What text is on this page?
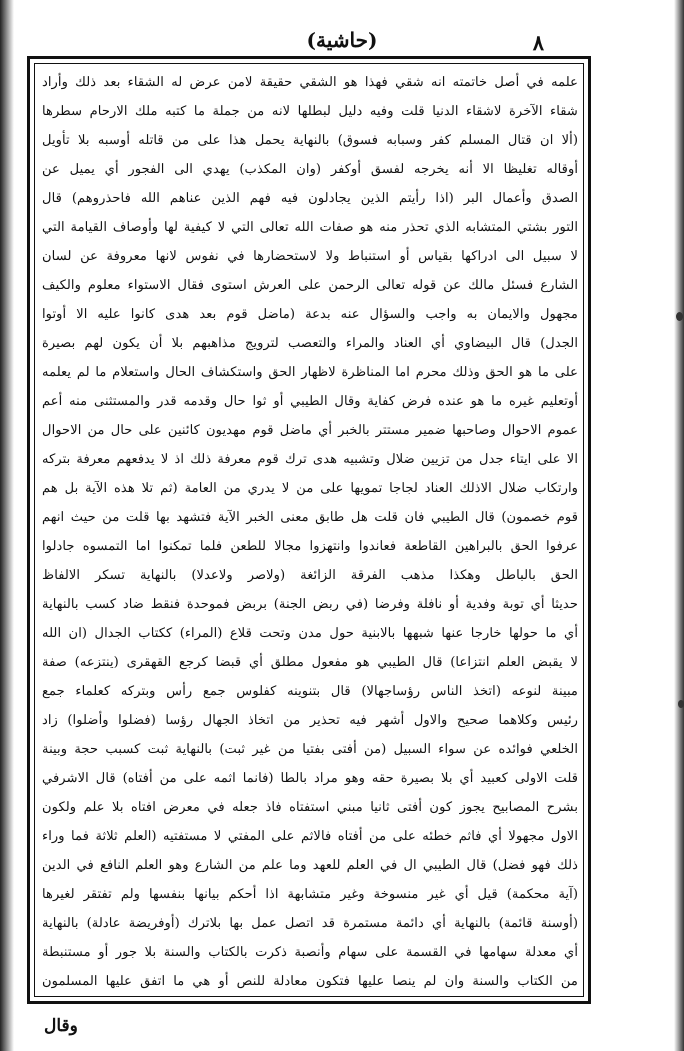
(حاشية)	٨
علمه في أصل خاتمته انه شقي فهذا هو الشقي حقيقة لامن عرض له الشقاء بعد ذلك وأراد
شقاء الآخرة لاشقاء الدنيا قلت وفيه دليل لبطلها لانه من جملة ما كتبه ملك الارحام سطرها
(ألا ان قتال المسلم كفر وسبابه فسوق) بالنهاية يحمل هذا على من قاتله أوسبه بلا تأويل
أوقاله تغليظا الا أنه يخرجه لفسق أوكفر (وان المكذب) يهدي الى الفجور أي يميل عن
الصدق وأعمال البر (اذا رأيتم الذين يجادلون فيه فهم الذين عناهم الله فاحذروهم) قال
التور بشتي المتشابه الذي تحذر منه هو صفات الله تعالى التي لا كيفية لها وأوصاف القيامة التي
لا سبيل الى ادراكها بقياس أو استنباط ولا لاستحضارها في نفوس لانها معروفة عن لسان
الشارع فسئل مالك عن قوله تعالى الرحمن على العرش استوى فقال الاستواء معلوم والكيف
مجهول والايمان به واجب والسؤال عنه بدعة (ماضل قوم بعد هدى كانوا عليه الا أوتوا
الجدل) قال البيضاوي أي العناد والمراء والتعصب لترويج مذاهبهم بلا أن يكون لهم بصيرة
على ما هو الحق وذلك محرم اما المناظرة لاظهار الحق واستكشاف الحال واستعلام ما لم يعلمه
أوتعليم غيره ما هو عنده فرض كفاية وقال الطيبي أو ثوا حال وقدمه قدر والمستثنى منه أعم
عموم الاحوال وصاحبها ضمير مستتر بالخبر أي ماضل قوم مهديون كائنين على حال من الاحوال
الا على ايتاء جدل من تزيين ضلال وتشبيه هدى ترك قوم معرفة ذلك اذ لا يدفعهم معرفة بتركه
وارتكاب ضلال الاذلك العناد لجاجا تمويها على من لا يدري من العامة (ثم تلا هذه الآية بل هم
قوم خصمون) قال الطيبي فان قلت هل طابق معنى الخبر الآية فتشهد بها قلت من حيث انهم
عرفوا الحق بالبراهين القاطعة فعاندوا وانتهزوا مجالا للطعن فلما تمكنوا اما التمسوه جادلوا
الحق بالباطل وهكذا مذهب الفرقة الزائغة (ولاصر ولاعدلا) بالنهاية تسكر الالفاظ
حديثا أي توبة وفدية أو نافلة وفرضا (في ربض الجنة) بربض فموحدة فنقط ضاد كسب بالنهاية
أي ما حولها خارجا عنها شبهها بالابنية حول مدن وتحت قلاع (المراء) ككتاب الجدال (ان الله
لا يقبض العلم انتزاعا) قال الطيبي هو مفعول مطلق أي قبضا كرجع القهقرى (ينتزعه) صفة
مبينة لنوعه (اتخذ الناس رؤساجهالا) قال بتنوينه كفلوس جمع رأس وبتركه كعلماء جمع
رئيس وكلاهما صحيح والاول أشهر فيه تحذير من اتخاذ الجهال رؤسا (فضلوا وأضلوا) زاد
الخلعي فوائده عن سواء السبيل (من أفتى بفتيا من غير ثبت) بالنهاية ثبت كسبب حجة وبينة
قلت الاولى كعبيد أي بلا بصيرة حقه وهو مراد بالطا (فانما اثمه على من أفتاه) قال الاشرفي
بشرح المصابيح يجوز كون أفتى ثانيا مبني استفتاه فاذ جعله في معرض افتاه بلا علم ولكون
الاول مجهولا أي فاثم خطئه على من أفتاه فالاثم على المفتي لا مستفتيه (العلم ثلاثة فما وراء
ذلك فهو فضل) قال الطيبي ال في العلم للعهد وما علم من الشارع وهو العلم النافع في الدين
(آية محكمة) قيل أي غير منسوخة وغير متشابهة اذا أحكم بيانها بنفسها ولم تفتقر لغيرها
(أوسنة قائمة) بالنهاية أي دائمة مستمرة قد اتصل عمل بها بلاترك (أوفريضة عادلة) بالنهاية
أي معدلة سهامها في القسمة على سهام وأنصبة ذكرت بالكتاب والسنة بلا جور أو مستنبطة
من الكتاب والسنة وان لم ينصا عليها فتكون معادلة للنص أو هي ما اتفق عليها المسلمون
وقال
